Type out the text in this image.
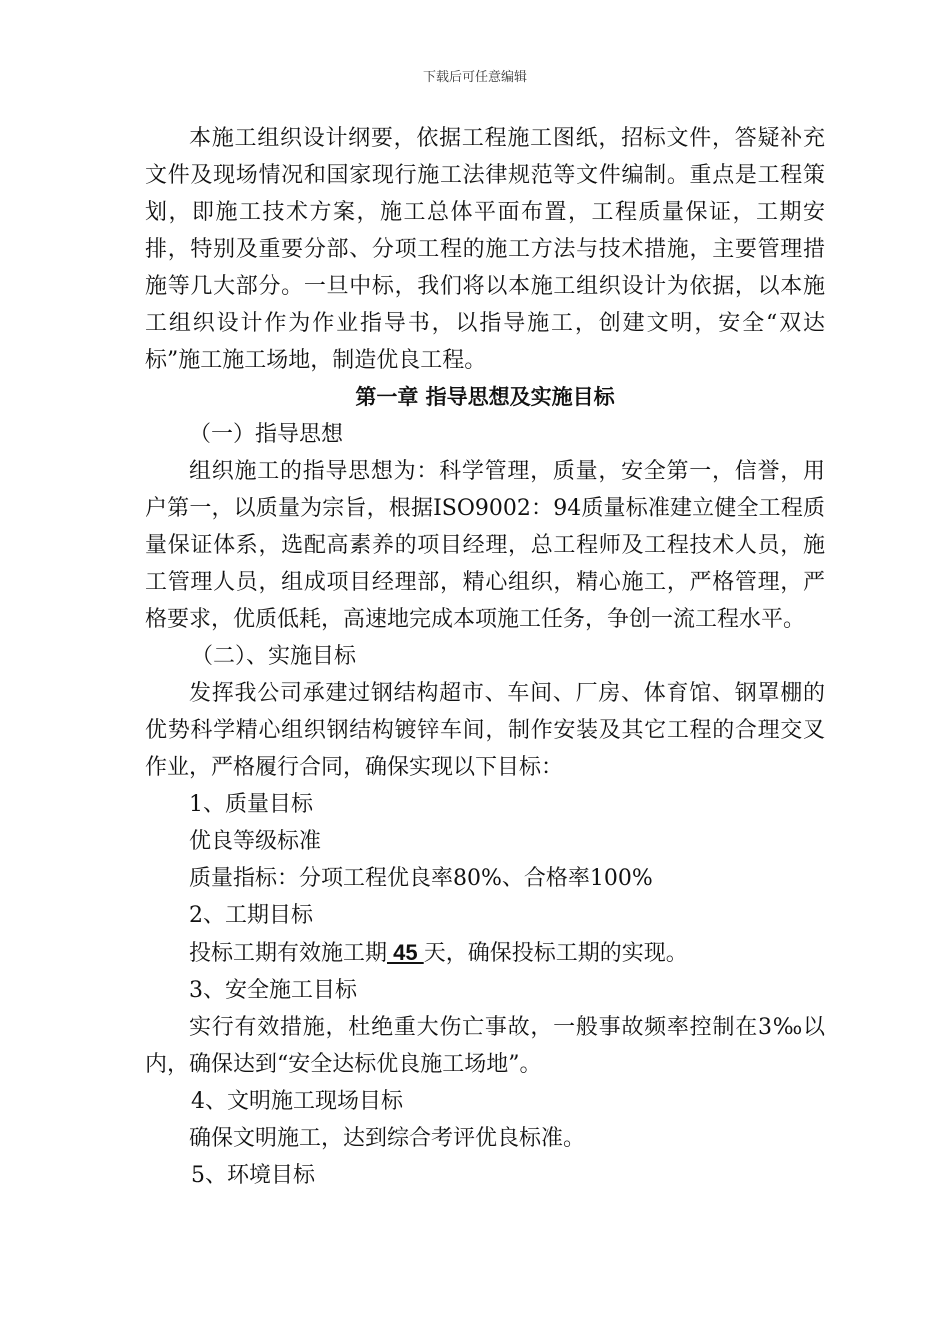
下载后可任意编辑

本施工组织设计纲要，依据工程施工图纸，招标文件，答疑补充文件及现场情况和国家现行施工法律规范等文件编制。重点是工程策划，即施工技术方案，施工总体平面布置，工程质量保证，工期安排，特别及重要分部、分项工程的施工方法与技术措施，主要管理措施等几大部分。一旦中标，我们将以本施工组织设计为依据，以本施工组织设计作为作业指导书，以指导施工，创建文明，安全“双达标”施工施工场地，制造优良工程。

第一章 指导思想及实施目标

（一）指导思想

组织施工的指导思想为：科学管理，质量，安全第一，信誉，用户第一，以质量为宗旨，根据ISO9002：94质量标准建立健全工程质量保证体系，选配高素养的项目经理，总工程师及工程技术人员，施工管理人员，组成项目经理部，精心组织，精心施工，严格管理，严格要求，优质低耗，高速地完成本项施工任务，争创一流工程水平。

（二）、实施目标

发挥我公司承建过钢结构超市、车间、厂房、体育馆、钢罩棚的优势科学精心组织钢结构镀锌车间，制作安装及其它工程的合理交叉作业，严格履行合同，确保实现以下目标：

1、质量目标

优良等级标准

质量指标：分项工程优良率80%、合格率100%

2、工期目标

投标工期有效施工期 45 天，确保投标工期的实现。

3、安全施工目标

实行有效措施，杜绝重大伤亡事故，一般事故频率控制在3‰以内，确保达到“安全达标优良施工场地”。

4、文明施工现场目标

确保文明施工，达到综合考评优良标准。

5、环境目标
